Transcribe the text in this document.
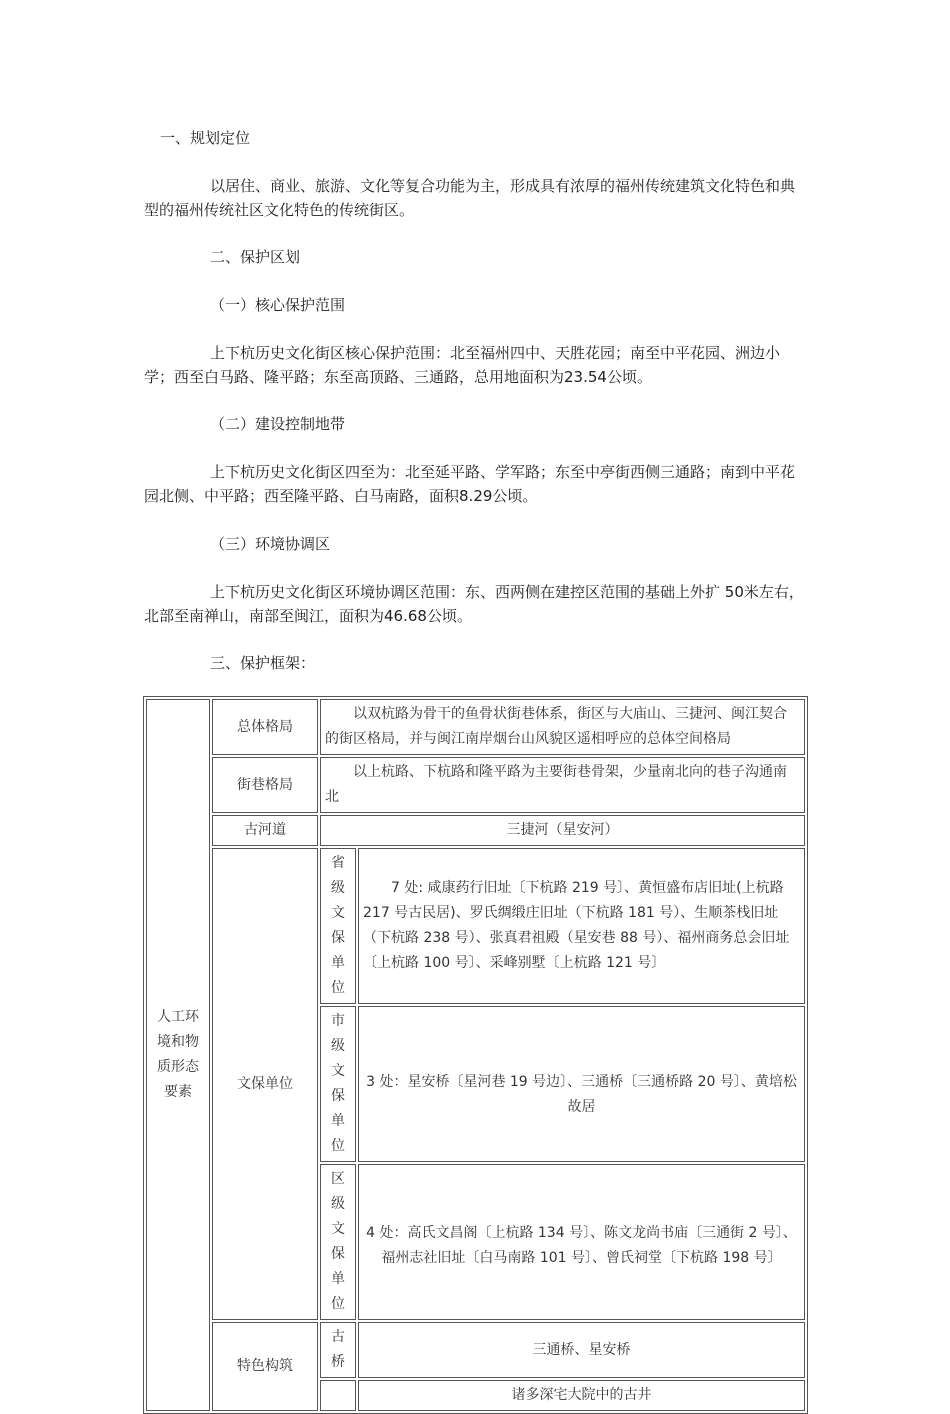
一、规划定位

以居住、商业、旅游、文化等复合功能为主，形成具有浓厚的福州传统建筑文化特色和典型的福州传统社区文化特色的传统街区。

二、保护区划

（一）核心保护范围

上下杭历史文化街区核心保护范围：北至福州四中、天胜花园；南至中平花园、洲边小学；西至白马路、隆平路；东至高顶路、三通路，总用地面积为23.54公顷。

（二）建设控制地带

上下杭历史文化街区四至为：北至延平路、学军路；东至中亭街西侧三通路；南到中平花园北侧、中平路；西至隆平路、白马南路，面积8.29公顷。

（三）环境协调区

上下杭历史文化街区环境协调区范围：东、西两侧在建控区范围的基础上外扩 50米左右，北部至南禅山，南部至闽江，面积为46.68公顷。

三、保护框架：

人工环境和物质形态要素	总体格局	以双杭路为骨干的鱼骨状街巷体系，街区与大庙山、三捷河、闽江契合的街区格局，并与闽江南岸烟台山风貌区遥相呼应的总体空间格局	
	街巷格局	以上杭路、下杭路和隆平路为主要街巷骨架，少量南北向的巷子沟通南北	
	古河道	三捷河（星安河）	
	文保单位	省级文保单位	7 处: 咸康药行旧址〔下杭路 219 号〕、黄恒盛布店旧址(上杭路 217 号古民居)、罗氏绸缎庄旧址（下杭路 181 号）、生顺茶栈旧址（下杭路 238 号）、张真君祖殿（星安巷 88 号）、福州商务总会旧址〔上杭路 100 号〕、采峰别墅〔上杭路 121 号〕
		市级文保单位	3 处：星安桥〔星河巷 19 号边〕、三通桥〔三通桥路 20 号〕、黄培松故居
		区级文保单位	4 处：高氏文昌阁〔上杭路 134 号〕、陈文龙尚书庙〔三通街 2 号〕、福州志社旧址〔白马南路 101 号〕、曾氏祠堂〔下杭路 198 号〕
	特色构筑	古桥	三通桥、星安桥
			诸多深宅大院中的古井
